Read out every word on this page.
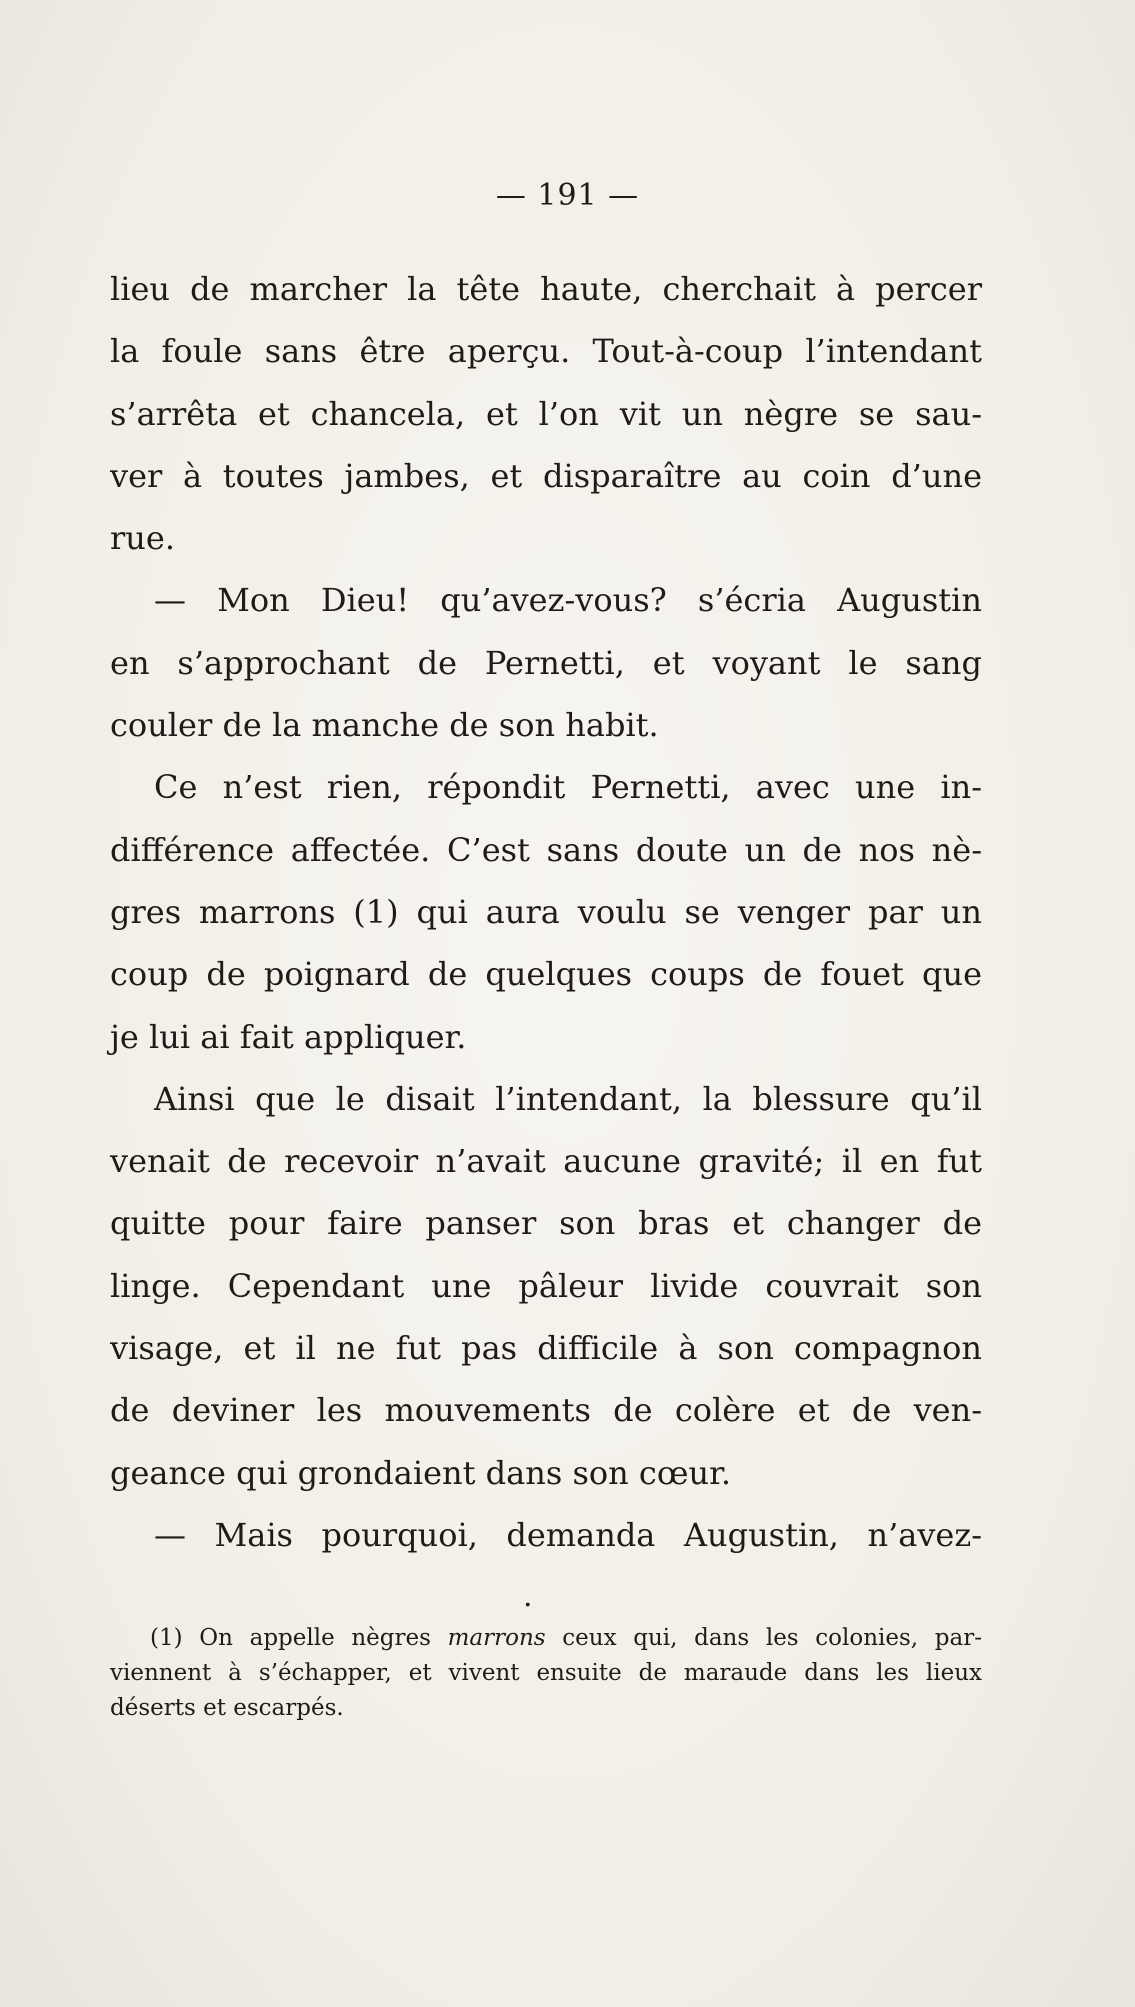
— 191 —
lieu de marcher la tête haute, cherchait à percer
la foule sans être aperçu. Tout-à-coup l’intendant
s’arrêta et chancela, et l’on vit un nègre se sau-
ver à toutes jambes, et disparaître au coin d’une
rue.
— Mon Dieu! qu’avez-vous? s’écria Augustin
en s’approchant de Pernetti, et voyant le sang
couler de la manche de son habit.
Ce n’est rien, répondit Pernetti, avec une in-
différence affectée. C’est sans doute un de nos nè-
gres marrons (1) qui aura voulu se venger par un
coup de poignard de quelques coups de fouet que
je lui ai fait appliquer.
Ainsi que le disait l’intendant, la blessure qu’il
venait de recevoir n’avait aucune gravité; il en fut
quitte pour faire panser son bras et changer de
linge. Cependant une pâleur livide couvrait son
visage, et il ne fut pas difficile à son compagnon
de deviner les mouvements de colère et de ven-
geance qui grondaient dans son cœur.
— Mais pourquoi, demanda Augustin, n’avez-
.
(1) On appelle nègres marrons ceux qui, dans les colonies, par-
viennent à s’échapper, et vivent ensuite de maraude dans les lieux
déserts et escarpés.
